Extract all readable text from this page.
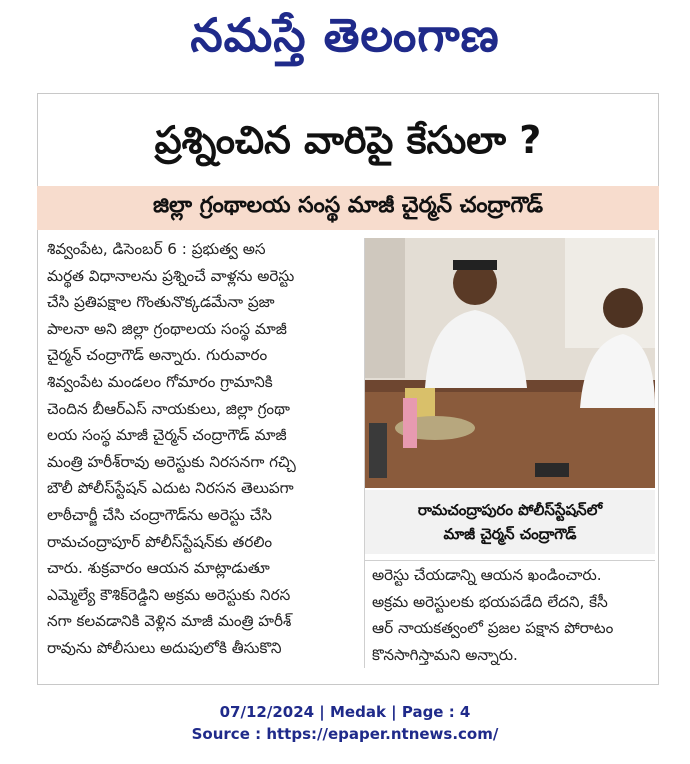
నమస్తే తెలంగాణ
ప్రశ్నించిన వారిపై కేసులా ?
జిల్లా గ్రంథాలయ సంస్థ మాజీ చైర్మన్ చంద్రాగౌడ్
శివ్వంపేట, డిసెంబర్ 6 : ప్రభుత్వ అస
మర్థత విధానాలను ప్రశ్నించే వాళ్లను అరెస్టు
చేసి ప్రతిపక్షాల గొంతునొక్కడమేనా ప్రజా
పాలనా అని జిల్లా గ్రంథాలయ సంస్థ మాజీ
చైర్మన్ చంద్రాగౌడ్ అన్నారు. గురువారం
శివ్వంపేట మండలం గోమారం గ్రామానికి
చెందిన బీఆర్ఎస్ నాయకులు, జిల్లా గ్రంథా
లయ సంస్థ మాజీ చైర్మన్ చంద్రాగౌడ్ మాజీ
మంత్రి హరీశ్‌రావు అరెస్టుకు నిరసనగా గచ్చి
బౌలీ పోలీస్‌స్టేషన్ ఎదుట నిరసన తెలుపగా
లాఠీచార్జీ చేసి చంద్రాగౌడ్‌ను అరెస్టు చేసి
రామచంద్రాపూర్ పోలీస్‌స్టేషన్‌కు తరలిం
చారు. శుక్రవారం ఆయన మాట్లాడుతూ
ఎమ్మెల్యే కౌశిక్‌రెడ్డిని అక్రమ అరెస్టుకు నిరస
నగా కలవడానికి వెళ్లిన మాజీ మంత్రి హరీశ్
రావును పోలీసులు అదుపులోకి తీసుకొని
రామచంద్రాపురం పోలీస్‌స్టేషన్‌లో
మాజీ చైర్మన్ చంద్రాగౌడ్
అరెస్టు చేయడాన్ని ఆయన ఖండించారు.
అక్రమ అరెస్టులకు భయపడేది లేదని, కేసీ
ఆర్ నాయకత్వంలో ప్రజల పక్షాన పోరాటం
కొనసాగిస్తామని అన్నారు.
07/12/2024 | Medak | Page : 4
Source : https://epaper.ntnews.com/
